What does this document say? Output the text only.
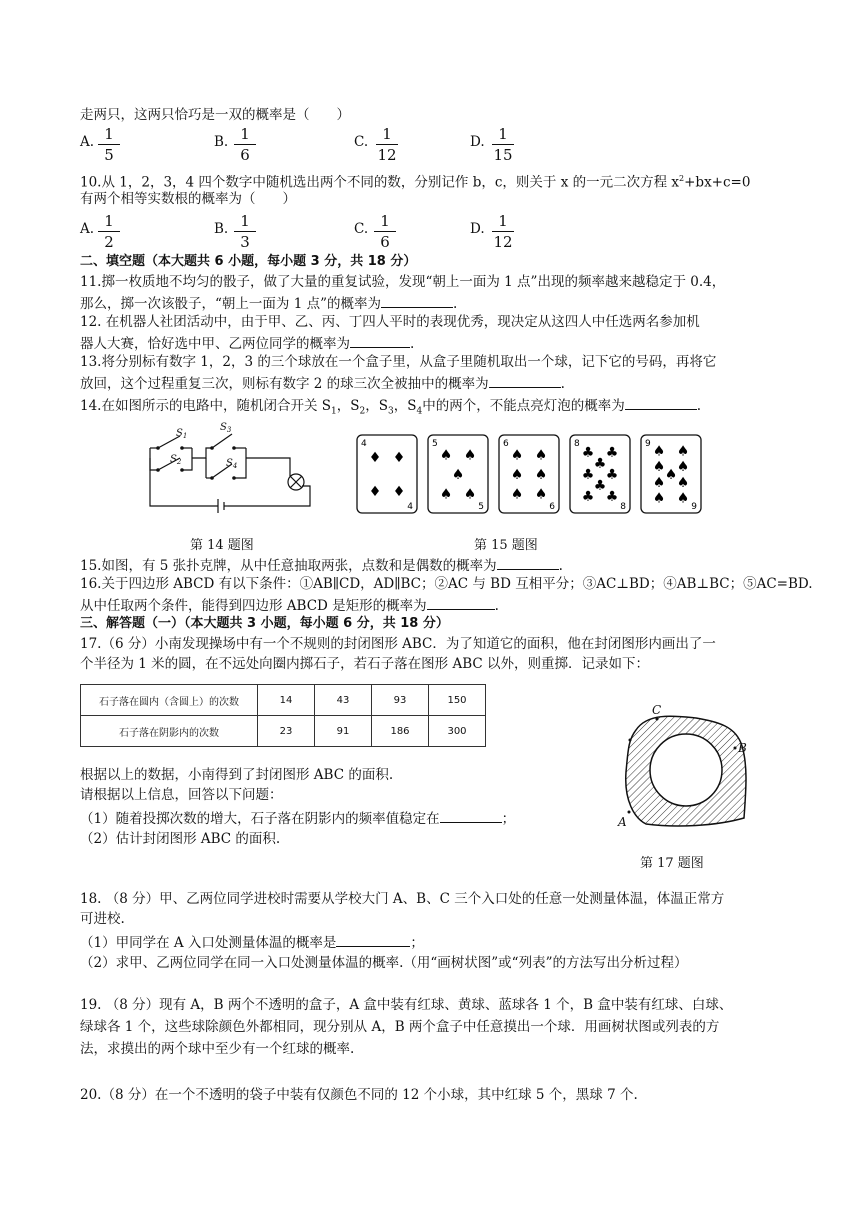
走两只，这两只恰巧是一双的概率是（　　）
A. 1
5
B. 1
6
C. 1
12
D. 1
15
10.从 1，2，3，4 四个数字中随机选出两个不同的数，分别记作 b，c，则关于 x 的一元二次方程 $x^2+bx+c=0$
有两个相等实数根的概率为（　　）
A. 1
2
B. 1
3
C. 1
6
D. 1
12
二、填空题（本大题共 6 小题，每小题 3 分，共 18 分）
11.掷一枚质地不均匀的骰子，做了大量的重复试验，发现“朝上一面为 1 点”出现的频率越来越稳定于 0.4，
那么，掷一次该骰子，“朝上一面为 1 点”的概率为	.
12. 在机器人社团活动中，由于甲、乙、丙、丁四人平时的表现优秀，现决定从这四人中任选两名参加机
器人大赛，恰好选中甲、乙两位同学的概率为	.
13.将分别标有数字 1，2，3 的三个球放在一个盒子里，从盒子里随机取出一个球，记下它的号码，再将它
放回，这个过程重复三次，则标有数字 2 的球三次全被抽中的概率为	.
14.在如图所示的电路中，随机闭合开关 $S_1$，$S_2$，$S_3$，$S_4$中的两个，不能点亮灯泡的概率为	.
$S_1$
$S_2$
$S_3$
$S_4$
4
4
♦ ♦
♦ ♦
5
5
♠ ♠
♠
♠ ♠
6
6
♠ ♠
♠ ♠
♠ ♠
8
8
♣ ♣
♣
♣ ♣
♣
♣ ♣
9
9
♠ ♠
♠ ♠
♠
♠ ♠
♠ ♠
第 14 题图	第 15 题图
15.如图，有 5 张扑克牌，从中任意抽取两张，点数和是偶数的概率为	.
16.关于四边形 ABCD 有以下条件：①AB∥CD，AD∥BC；②AC 与 BD 互相平分；③AC⊥BD；④AB⊥BC；⑤AC=BD.
从中任取两个条件，能得到四边形 ABCD 是矩形的概率为	.
三、解答题（一）（本大题共 3 小题，每小题 6 分，共 18 分）
17.（6 分）小南发现操场中有一个不规则的封闭图形 ABC．为了知道它的面积，他在封闭图形内画出了一
个半径为 1 米的圆，在不远处向圈内掷石子，若石子落在图形 ABC 以外，则重掷．记录如下：
石子落在圆内（含圆上）的次数	14	43	93	150
石子落在阴影内的次数	23	91	186	300
根据以上的数据，小南得到了封闭图形 ABC 的面积.
请根据以上信息，回答以下问题：
（1）随着投掷次数的增大，石子落在阴影内的频率值稳定在	；
（2）估计封闭图形 ABC 的面积.
C
B
A
第 17 题图
18. （8 分）甲、乙两位同学进校时需要从学校大门 A、B、C 三个入口处的任意一处测量体温，体温正常方
可进校.
（1）甲同学在 A 入口处测量体温的概率是	；
（2）求甲、乙两位同学在同一入口处测量体温的概率.（用“画树状图”或“列表”的方法写出分析过程）
19. （8 分）现有 A，B 两个不透明的盒子，A 盒中装有红球、黄球、蓝球各 1 个，B 盒中装有红球、白球、
绿球各 1 个，这些球除颜色外都相同，现分别从 A，B 两个盒子中任意摸出一个球．用画树状图或列表的方
法，求摸出的两个球中至少有一个红球的概率.
20.（8 分）在一个不透明的袋子中装有仅颜色不同的 12 个小球，其中红球 5 个，黑球 7 个.
